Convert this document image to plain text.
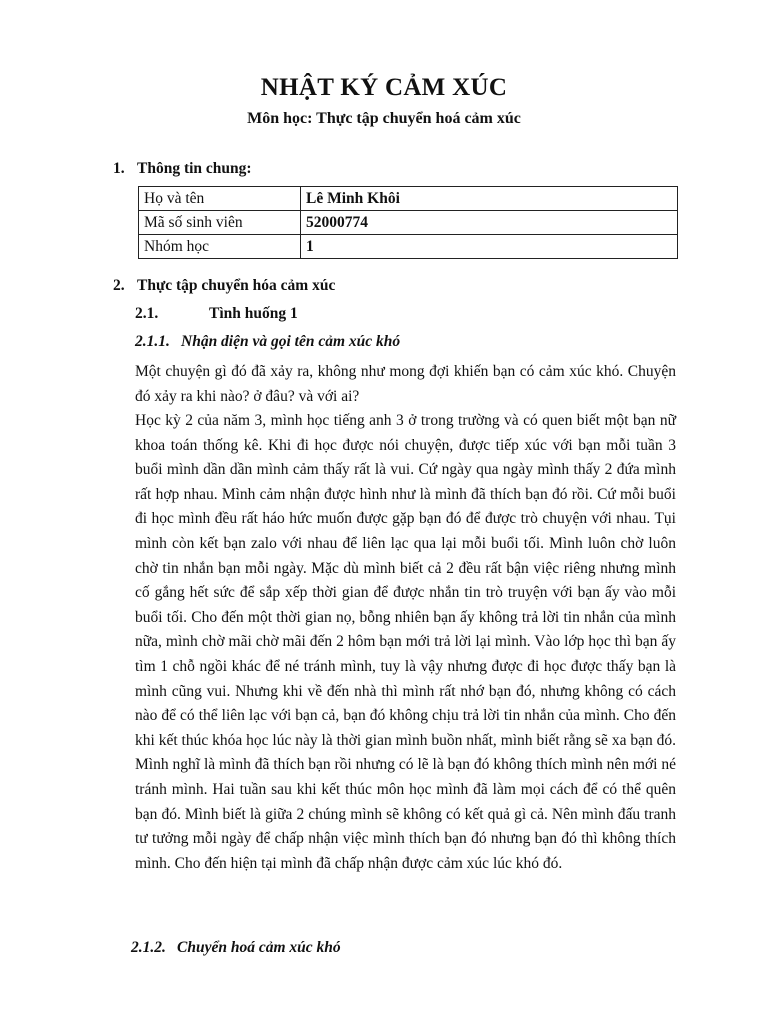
NHẬT KÝ CẢM XÚC
Môn học: Thực tập chuyển hoá cảm xúc
1. Thông tin chung:
Họ và tên	Lê Minh Khôi
Mã số sinh viên	52000774
Nhóm học	1
2. Thực tập chuyển hóa cảm xúc
2.1.	Tình huống 1
2.1.1. Nhận diện và gọi tên cảm xúc khó
Một chuyện gì đó đã xảy ra, không như mong đợi khiến bạn có cảm xúc khó. Chuyện đó xảy ra khi nào? ở đâu? và với ai?
Học kỳ 2 của năm 3, mình học tiếng anh 3 ở trong trường và có quen biết một bạn nữ khoa toán thống kê. Khi đi học được nói chuyện, được tiếp xúc với bạn mỗi tuần 3 buổi mình dần dần mình cảm thấy rất là vui. Cứ ngày qua ngày mình thấy 2 đứa mình rất hợp nhau. Mình cảm nhận được hình như là mình đã thích bạn đó rồi. Cứ mỗi buổi đi học mình đều rất háo hức muốn được gặp bạn đó để được trò chuyện với nhau. Tụi mình còn kết bạn zalo với nhau để liên lạc qua lại mỗi buổi tối. Mình luôn chờ luôn chờ tin nhắn bạn mỗi ngày. Mặc dù mình biết cả 2 đều rất bận việc riêng nhưng mình cố gắng hết sức để sắp xếp thời gian để được nhắn tin trò truyện với bạn ấy vào mỗi buổi tối. Cho đến một thời gian nọ, bỗng nhiên bạn ấy không trả lời tin nhắn của mình nữa, mình chờ mãi chờ mãi đến 2 hôm bạn mới trả lời lại mình. Vào lớp học thì bạn ấy tìm 1 chỗ ngồi khác để né tránh mình, tuy là vậy nhưng được đi học được thấy bạn là mình cũng vui. Nhưng khi về đến nhà thì mình rất nhớ bạn đó, nhưng không có cách nào để có thể liên lạc với bạn cả, bạn đó không chịu trả lời tin nhắn của mình. Cho đến khi kết thúc khóa học lúc này là thời gian mình buồn nhất, mình biết rằng sẽ xa bạn đó. Mình nghĩ là mình đã thích bạn rồi nhưng có lẽ là bạn đó không thích mình nên mới né tránh mình. Hai tuần sau khi kết thúc môn học mình đã làm mọi cách để có thể quên bạn đó. Mình biết là giữa 2 chúng mình sẽ không có kết quả gì cả. Nên mình đấu tranh tư tưởng mỗi ngày để chấp nhận việc mình thích bạn đó nhưng bạn đó thì không thích mình. Cho đến hiện tại mình đã chấp nhận được cảm xúc lúc khó đó.
2.1.2. Chuyển hoá cảm xúc khó
